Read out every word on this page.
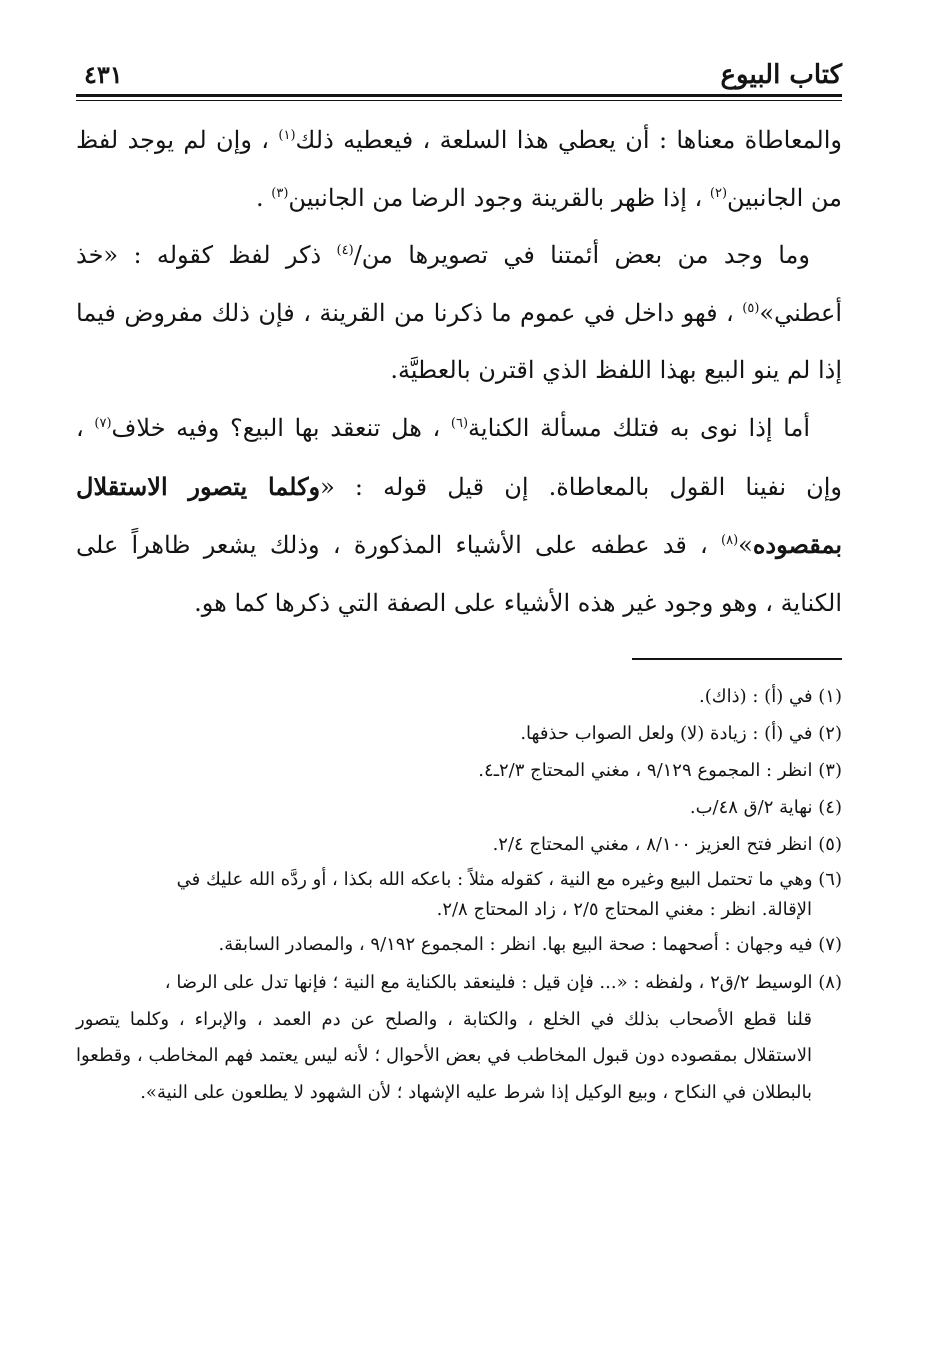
٤٣١	كتاب البيوع

والمعاطاة معناها : أن يعطي هذا السلعة ، فيعطيه ذلك$^{(١)}$ ، وإن لم يوجد لفظ من الجانبين$^{(٢)}$ ، إذا ظهر بالقرينة وجود الرضا من الجانبين$^{(٣)}$ .

وما وجد من بعض أئمتنا في تصويرها من/$^{(٤)}$ ذكر لفظ كقوله : «خذ أعطني»$^{(٥)}$ ، فهو داخل في عموم ما ذكرنا من القرينة ، فإن ذلك مفروض فيما إذا لم ينو البيع بهذا اللفظ الذي اقترن بالعطيَّة.

أما إذا نوى به فتلك مسألة الكناية$^{(٦)}$ ، هل تنعقد بها البيع؟ وفيه خلاف$^{(٧)}$ ، وإن نفينا القول بالمعاطاة. إن قيل قوله : «وكلما يتصور الاستقلال بمقصوده»$^{(٨)}$ ، قد عطفه على الأشياء المذكورة ، وذلك يشعر ظاهراً على الكناية ، وهو وجود غير هذه الأشياء على الصفة التي ذكرها كما هو.

(١) في (أ) : (ذاك).

(٢) في (أ) : زيادة (لا) ولعل الصواب حذفها.

(٣) انظر : المجموع ٩/١٢٩ ، مغني المحتاج ٢/٣ـ٤.

(٤) نهاية ٢/ق ٤٨/ب.

(٥) انظر فتح العزيز ٨/١٠٠ ، مغني المحتاج ٢/٤.

(٦) وهي ما تحتمل البيع وغيره مع النية ، كقوله مثلاً : باعكه الله بكذا ، أو ردَّه الله عليك في
الإقالة. انظر : مغني المحتاج ٢/٥ ، زاد المحتاج ٢/٨.

(٧) فيه وجهان : أصحهما : صحة البيع بها. انظر : المجموع ٩/١٩٢ ، والمصادر السابقة.

(٨) الوسيط ٢/ق٢ ، ولفظه : «... فإن قيل : فلينعقد بالكناية مع النية ؛ فإنها تدل على الرضا ،
قلنا قطع الأصحاب بذلك في الخلع ، والكتابة ، والصلح عن دم العمد ، والإبراء ، وكلما يتصور الاستقلال بمقصوده دون قبول المخاطب في بعض الأحوال ؛ لأنه ليس يعتمد فهم المخاطب ، وقطعوا بالبطلان في النكاح ، وبيع الوكيل إذا شرط عليه الإشهاد ؛ لأن الشهود لا يطلعون على النية».
